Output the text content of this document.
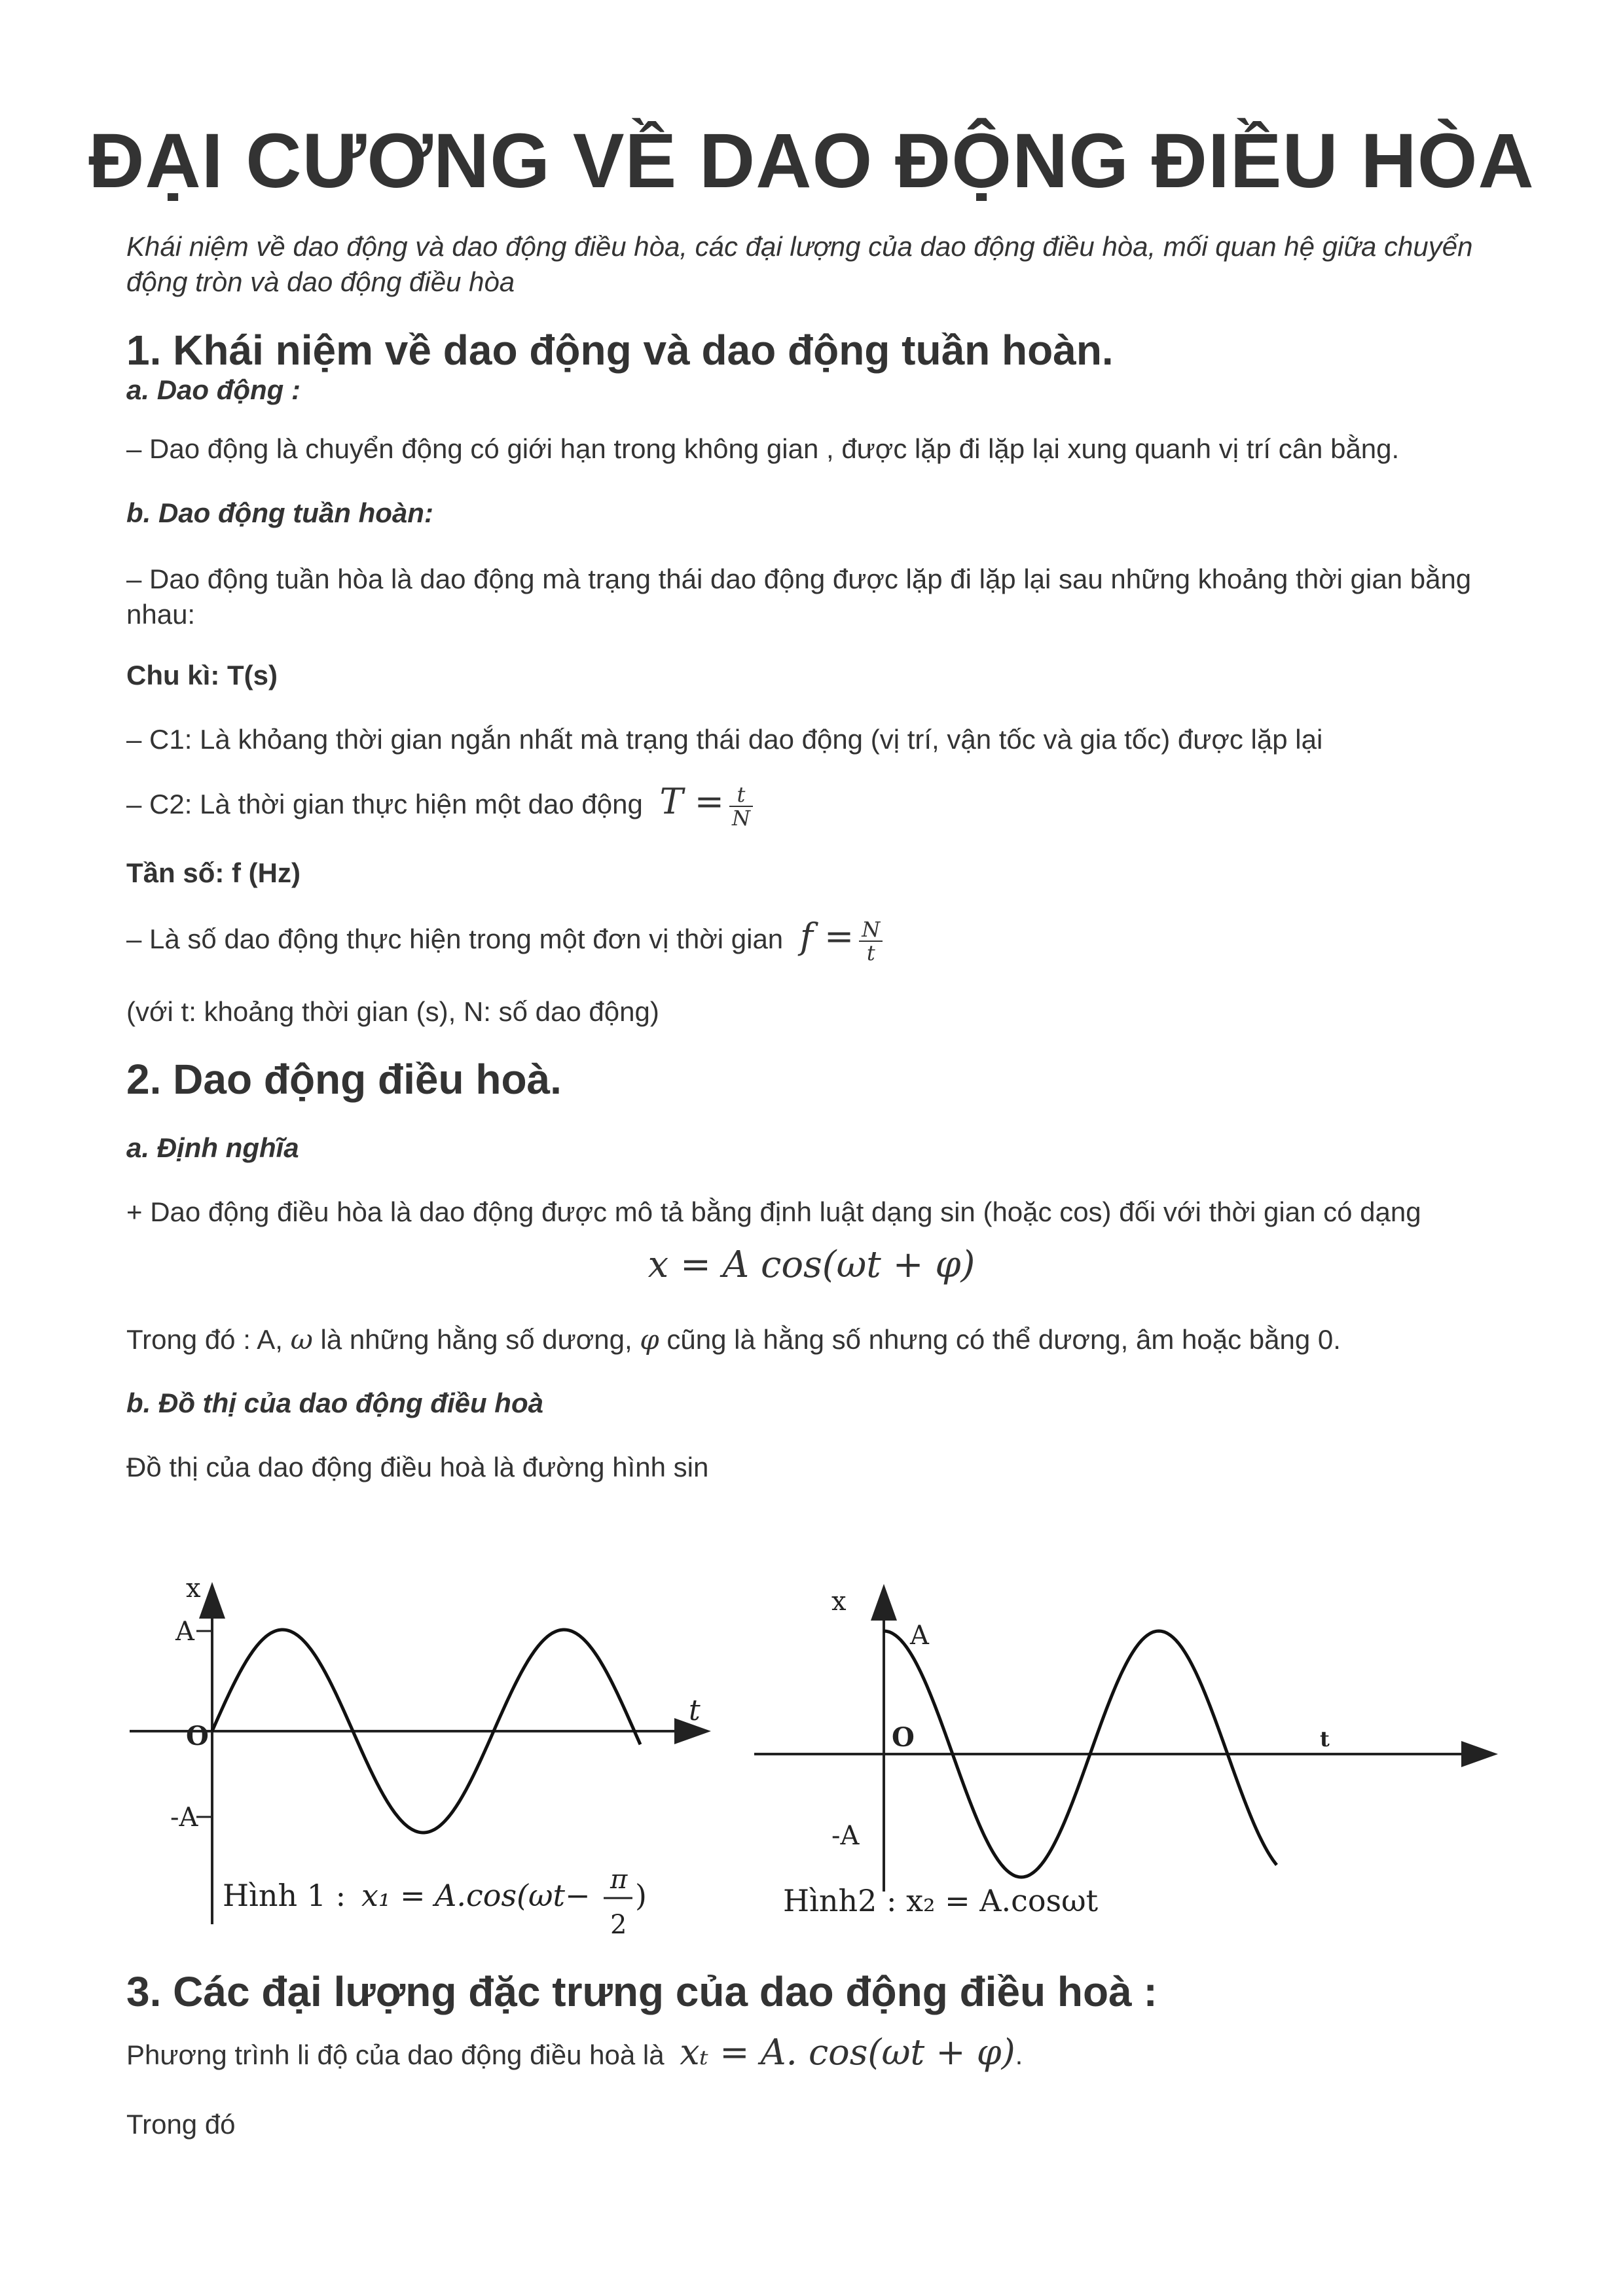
ĐẠI CƯƠNG VỀ DAO ĐỘNG ĐIỀU HÒA
Khái niệm về dao động và dao động điều hòa, các đại lượng của dao động điều hòa, mối quan hệ giữa chuyển động tròn và dao động điều hòa
1. Khái niệm về dao động và dao động tuần hoàn.
a. Dao động :
– Dao động là chuyển động có giới hạn trong không gian , được lặp đi lặp lại xung quanh vị trí cân bằng.
b. Dao động tuần hoàn:
– Dao động tuần hòa là dao động mà trạng thái dao động được lặp đi lặp lại sau những khoảng thời gian bằng nhau:
Chu kì: T(s)
– C1: Là khỏang thời gian ngắn nhất mà trạng thái dao động (vị trí, vận tốc và gia tốc) được lặp lại
– C2: Là thời gian thực hiện một dao động $T = \frac{t}{N}$
Tần số: f (Hz)
– Là số dao động thực hiện trong một đơn vị thời gian $f = \frac{N}{t}$
(với t: khoảng thời gian (s), N: số dao động)
2. Dao động điều hoà.
a. Định nghĩa
+ Dao động điều hòa là dao động được mô tả bằng định luật dạng sin (hoặc cos) đối với thời gian có dạng
x = A cos(ωt + φ)
Trong đó : A, ω là những hằng số dương, φ cũng là hằng số nhưng có thể dương, âm hoặc bằng 0.
b. Đồ thị của dao động điều hoà
Đồ thị của dao động điều hoà là đường hình sin
x
A
O
-A
t
Hình 1 : x₁ = A.cos(ωt− π
2
)
x
A
O
-A
t
Hình2 : x₂ = A.cosωt
3. Các đại lượng đặc trưng của dao động điều hoà :
Phương trình li độ của dao động điều hoà là xₜ = A. cos(ωt + φ).
Trong đó
